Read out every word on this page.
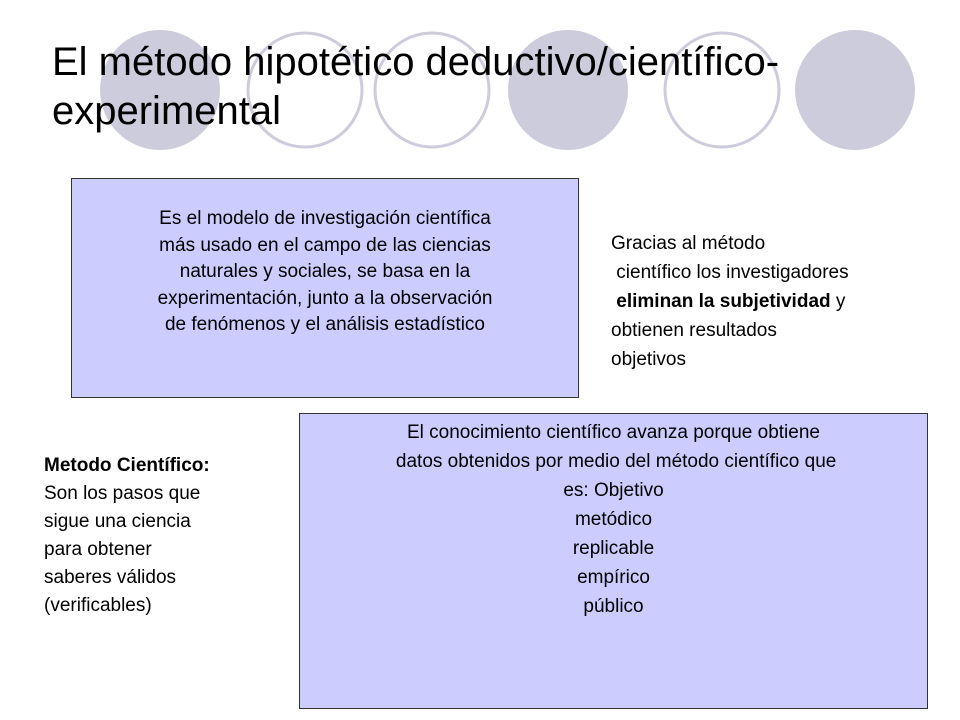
El método hipotético deductivo/científico-
experimental
Es el modelo de investigación científica
más usado en el campo de las ciencias
naturales y sociales, se basa en la
experimentación, junto a la observación
de fenómenos y el análisis estadístico
Gracias al método
científico los investigadores
eliminan la subjetividad y
obtienen resultados
objetivos
El conocimiento científico avanza porque obtiene
datos obtenidos por medio del método científico que
es: Objetivo
metódico
replicable
empírico
público
Metodo Científico:
Son los pasos que
sigue una ciencia
para obtener
saberes válidos
(verificables)
